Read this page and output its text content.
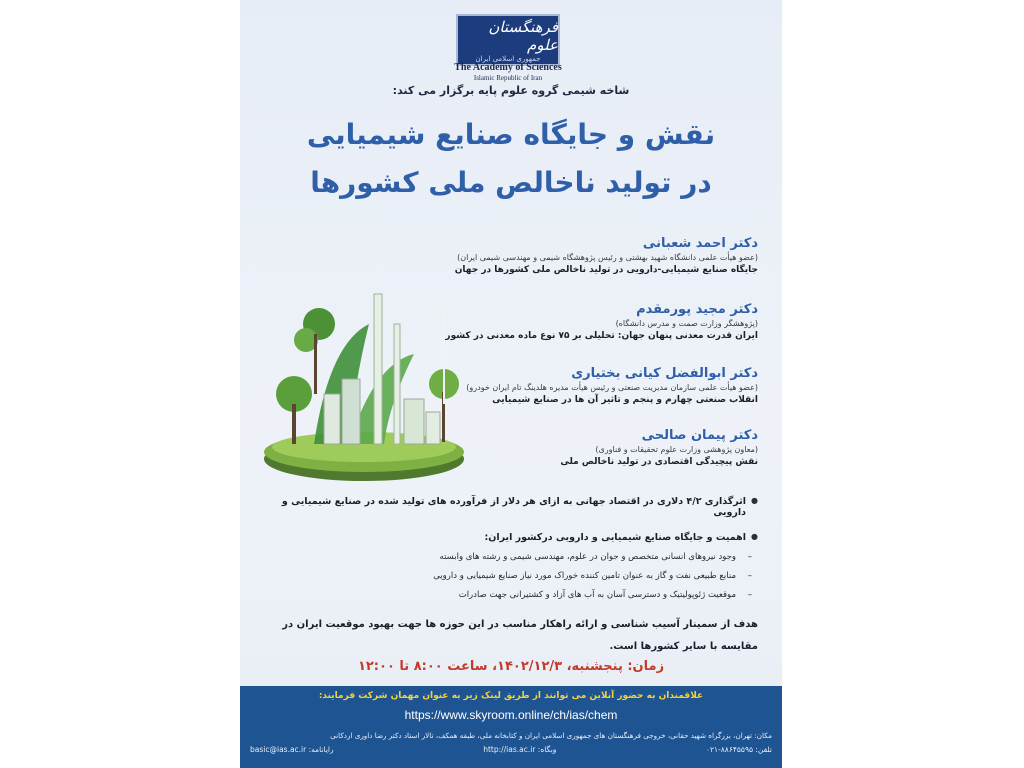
فرهنگستان علوم
جمهوری اسلامی ایران
The Academy of Sciences
Islamic Republic of Iran
شاخه شیمی گروه علوم پایه برگزار می کند:
نقش و جایگاه صنایع شیمیایی
در تولید ناخالص ملی کشورها
دکتر احمد شعبانی
(عضو هیأت علمی دانشگاه شهید بهشتی و رئیس پژوهشگاه شیمی و مهندسی شیمی ایران)
جایگاه صنایع شیمیایی-دارویی در تولید ناخالص ملی کشورها در جهان
دکتر مجید پورمقدم
(پژوهشگر وزارت صمت و مدرس دانشگاه)
ایران قدرت معدنی پنهان جهان: تحلیلی بر ۷۵ نوع ماده معدنی در کشور
دکتر ابوالفضل کیانی بختیاری
(عضو هیأت علمی سازمان مدیریت صنعتی و رئیس هیأت مدیره هلدینگ تام ایران خودرو)
انقلاب صنعتی چهارم و پنجم و تاثیر آن ها در صنایع شیمیایی
دکتر پیمان صالحی
(معاون پژوهشی وزارت علوم تحقیقات و فناوری)
نقش پیچیدگی اقتصادی در تولید ناخالص ملی
● اثرگذاری ۴/۲ دلاری در اقتصاد جهانی به ازای هر دلار از فرآورده های تولید شده در صنایع شیمیایی و دارویی
● اهمیت و جایگاه صنایع شیمیایی و دارویی درکشور ایران:
– وجود نیروهای انسانی متخصص و جوان در علوم، مهندسی شیمی و رشته های وابسته
– منابع طبیعی نفت و گاز به عنوان تامین کننده خوراک مورد نیاز صنایع شیمیایی و دارویی
– موقعیت ژئوپولیتیک و دسترسی آسان به آب های آزاد و کشتیرانی جهت صادرات
هدف از سمینار آسیب شناسی و ارائه راهکار مناسب در این حوزه ها جهت بهبود موقعیت ایران در مقایسه با سایر کشورها است.
زمان: پنجشنبه، ۱۴۰۲/۱۲/۳، ساعت ۸:۰۰ تا ۱۲:۰۰
علاقمندان به حضور آنلاین می توانند از طریق لینک زیر به عنوان مهمان شرکت فرمایند:
https://www.skyroom.online/ch/ias/chem
مکان: تهران، بزرگراه شهید حقانی، خروجی فرهنگستان های جمهوری اسلامی ایران و کتابخانه ملی، طبقه همکف، تالار استاد دکتر رضا داوری اردکانی
تلفن: ۸۸۶۴۵۵۹۵-۰۲۱
وبگاه: http://ias.ac.ir
رایانامه: basic@ias.ac.ir
